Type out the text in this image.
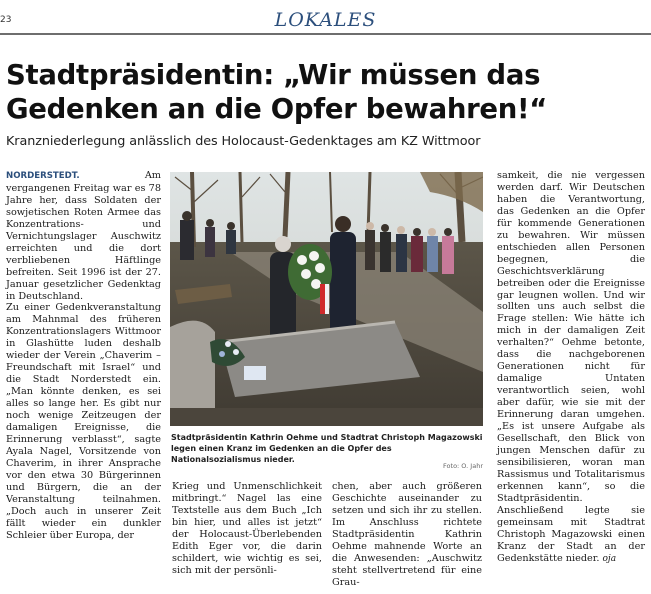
23	LOKALES
Stadtpräsidentin: „Wir müssen das Gedenken an die Opfer bewahren!“

Kranzniederlegung anlässlich des Holocaust-Gedenktages am KZ Wittmoor

NORDERSTEDT. Am vergangenen Freitag war es 78 Jahre her, dass Soldaten der sowjetischen Roten Armee das Konzentrations- und Vernichtungslager Auschwitz erreichten und die dort verbliebenen Häftlinge befreiten. Seit 1996 ist der 27. Januar gesetzlicher Gedenktag in Deutschland.

Zu einer Gedenkveranstaltung am Mahnmal des früheren Konzentrationslagers Wittmoor in Glashütte luden deshalb wieder der Verein „Chaverim – Freundschaft mit Israel“ und die Stadt Norderstedt ein. „Man könnte denken, es sei alles so lange her. Es gibt nur noch wenige Zeitzeugen der damaligen Ereignisse, die Erinnerung verblasst“, sagte Ayala Nagel, Vorsitzende von Chaverim, in ihrer Ansprache vor den etwa 30 Bürgerinnen und Bürgern, die an der Veranstaltung teilnahmen. „Doch auch in unserer Zeit fällt wieder ein dunkler Schleier über Europa, der

Stadtpräsidentin Kathrin Oehme und Stadtrat Christoph Magazowski legen einen Kranz im Gedenken an die Opfer des Nationalsozialismus nieder.

Foto: O. Jahr

Krieg und Unmenschlichkeit mitbringt.“ Nagel las eine Textstelle aus dem Buch „Ich bin hier, und alles ist jetzt“ der Holocaust-Überlebenden Edith Eger vor, die darin schildert, wie wichtig es sei, sich mit der persönli-

chen, aber auch größeren Geschichte auseinander zu setzen und sich ihr zu stellen. Im Anschluss richtete Stadtpräsidentin Kathrin Oehme mahnende Worte an die Anwesenden: „Auschwitz steht stellvertretend für eine Grau-

samkeit, die nie vergessen werden darf. Wir Deutschen haben die Verantwortung, das Gedenken an die Opfer für kommende Generationen zu bewahren. Wir müssen entschieden allen Personen begegnen, die Geschichtsverklärung betreiben oder die Ereignisse gar leugnen wollen. Und wir sollten uns auch selbst die Frage stellen: Wie hätte ich mich in der damaligen Zeit verhalten?“ Oehme betonte, dass die nachgeborenen Generationen nicht für damalige Untaten verantwortlich seien, wohl aber dafür, wie sie mit der Erinnerung daran umgehen. „Es ist unsere Aufgabe als Gesellschaft, den Blick von jungen Menschen dafür zu sensibilisieren, woran man Rassismus und Totalitarismus erkennen kann“, so die Stadtpräsidentin.

Anschließend legte sie gemeinsam mit Stadtrat Christoph Magazowski einen Kranz der Stadt an der Gedenkstätte nieder. oja
